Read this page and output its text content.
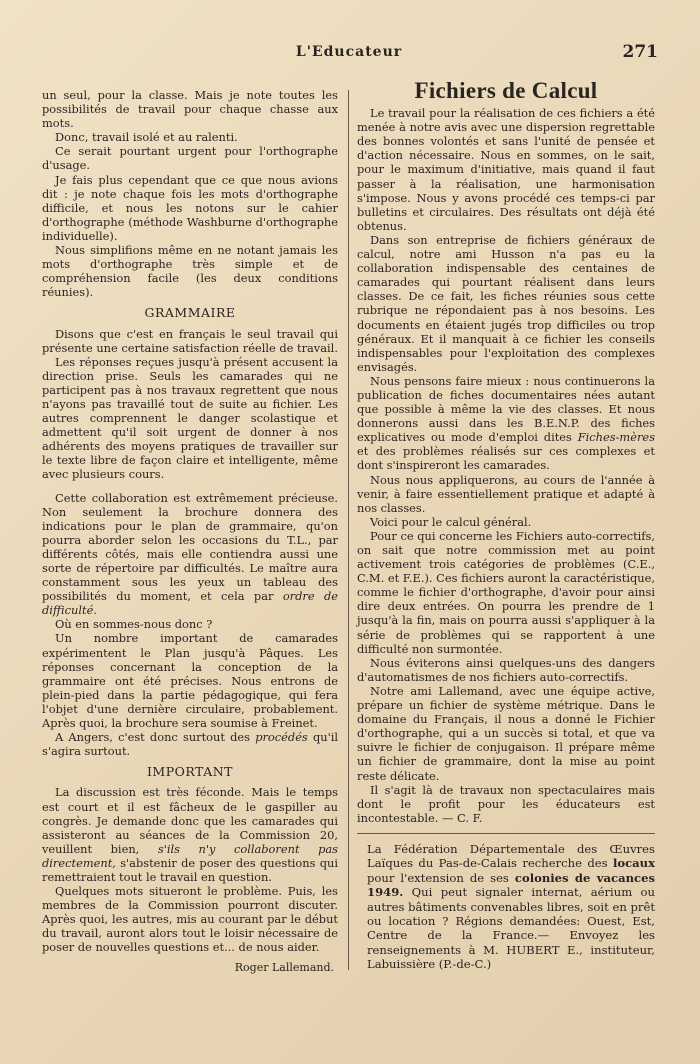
L'Educateur	271

un seul, pour la classe. Mais je note toutes les possibilités de travail pour chaque chasse aux mots.

Donc, travail isolé et au ralenti.

Ce serait pourtant urgent pour l'orthographe d'usage.

Je fais plus cependant que ce que nous avions dit : je note chaque fois les mots d'orthographe difficile, et nous les notons sur le cahier d'orthographe (méthode Washburne d'orthographe individuelle).

Nous simplifions même en ne notant jamais les mots d'orthographe très simple et de compréhension facile (les deux conditions réunies).

GRAMMAIRE

Disons que c'est en français le seul travail qui présente une certaine satisfaction réelle de travail.

Les réponses reçues jusqu'à présent accusent la direction prise. Seuls les camarades qui ne participent pas à nos travaux regrettent que nous n'ayons pas travaillé tout de suite au fichier. Les autres comprennent le danger scolastique et admettent qu'il soit urgent de donner à nos adhérents des moyens pratiques de travailler sur le texte libre de façon claire et intelligente, même avec plusieurs cours.

Cette collaboration est extrêmement précieuse. Non seulement la brochure donnera des indications pour le plan de grammaire, qu'on pourra aborder selon les occasions du T.L., par différents côtés, mais elle contiendra aussi une sorte de répertoire par difficultés. Le maître aura constamment sous les yeux un tableau des possibilités du moment, et cela par ordre de difficulté.

Où en sommes-nous donc ?

Un nombre important de camarades expérimentent le Plan jusqu'à Pâques. Les réponses concernant la conception de la grammaire ont été précises. Nous entrons de plein-pied dans la partie pédagogique, qui fera l'objet d'une dernière circulaire, probablement. Après quoi, la brochure sera soumise à Freinet.

A Angers, c'est donc surtout des procédés qu'il s'agira surtout.

IMPORTANT

La discussion est très féconde. Mais le temps est court et il est fâcheux de le gaspiller au congrès. Je demande donc que les camarades qui assisteront au séances de la Commission 20, veuillent bien, s'ils n'y collaborent pas directement, s'abstenir de poser des questions qui remettraient tout le travail en question.

Quelques mots situeront le problème. Puis, les membres de la Commission pourront discuter. Après quoi, les autres, mis au courant par le début du travail, auront alors tout le loisir nécessaire de poser de nouvelles questions et... de nous aider.

Roger Lallemand.
Fichiers de Calcul

Le travail pour la réalisation de ces fichiers a été menée à notre avis avec une dispersion regrettable des bonnes volontés et sans l'unité de pensée et d'action nécessaire. Nous en sommes, on le sait, pour le maximum d'initiative, mais quand il faut passer à la réalisation, une harmonisation s'impose. Nous y avons procédé ces temps-ci par bulletins et circulaires. Des résultats ont déjà été obtenus.

Dans son entreprise de fichiers généraux de calcul, notre ami Husson n'a pas eu la collaboration indispensable des centaines de camarades qui pourtant réalisent dans leurs classes. De ce fait, les fiches réunies sous cette rubrique ne répondaient pas à nos besoins. Les documents en étaient jugés trop difficiles ou trop généraux. Et il manquait à ce fichier les conseils indispensables pour l'exploitation des complexes envisagés.

Nous pensons faire mieux : nous continuerons la publication de fiches documentaires nées autant que possible à même la vie des classes. Et nous donnerons aussi dans les B.E.N.P. des fiches explicatives ou mode d'emploi dites Fiches-mères et des problèmes réalisés sur ces complexes et dont s'inspireront les camarades.

Nous nous appliquerons, au cours de l'année à venir, à faire essentiellement pratique et adapté à nos classes.

Voici pour le calcul général.

Pour ce qui concerne les Fichiers auto-correctifs, on sait que notre commission met au point activement trois catégories de problèmes (C.E., C.M. et F.E.). Ces fichiers auront la caractéristique, comme le fichier d'orthographe, d'avoir pour ainsi dire deux entrées. On pourra les prendre de 1 jusqu'à la fin, mais on pourra aussi s'appliquer à la série de problèmes qui se rapportent à une difficulté non surmontée.

Nous éviterons ainsi quelques-uns des dangers d'automatismes de nos fichiers auto-correctifs.

Notre ami Lallemand, avec une équipe active, prépare un fichier de système métrique. Dans le domaine du Français, il nous a donné le Fichier d'orthographe, qui a un succès si total, et que va suivre le fichier de conjugaison. Il prépare même un fichier de grammaire, dont la mise au point reste délicate.

Il s'agit là de travaux non spectaculaires mais dont le profit pour les éducateurs est incontestable. — C. F.

La Fédération Départementale des Œuvres Laïques du Pas-de-Calais recherche des locaux pour l'extension de ses colonies de vacances 1949. Qui peut signaler internat, aérium ou autres bâtiments convenables libres, soit en prêt ou location ? Régions demandées: Ouest, Est, Centre de la France.— Envoyez les renseignements à M. HUBERT E., instituteur, Labuissière (P.-de-C.)
